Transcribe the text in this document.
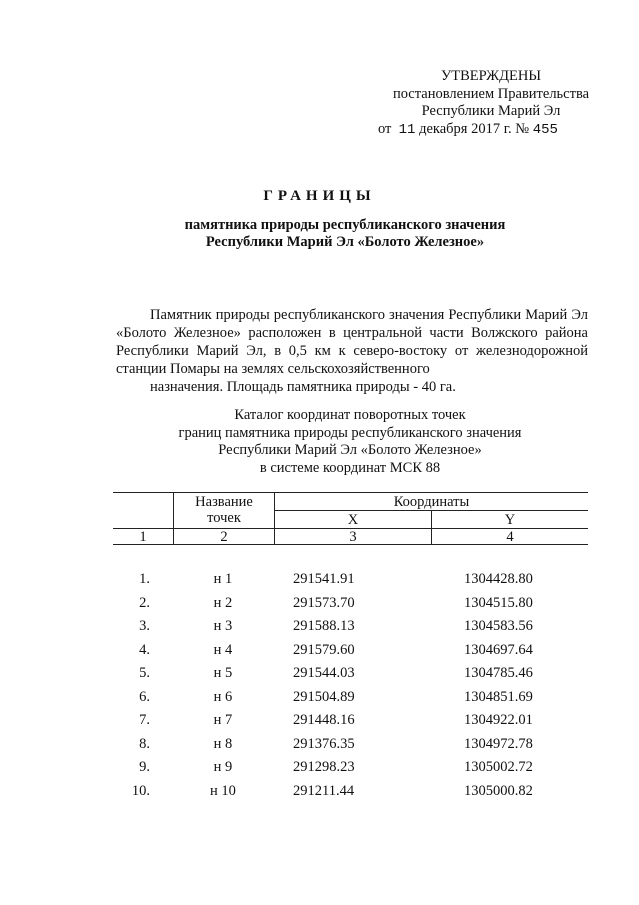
УТВЕРЖДЕНЫ
постановлением Правительства
Республики Марий Эл
от 11 декабря 2017 г. № 455
ГРАНИЦЫ
памятника природы республиканского значения
Республики Марий Эл «Болото Железное»

Памятник природы республиканского значения Республики Марий Эл «Болото Железное» расположен в центральной части Волжского района Республики Марий Эл, в 0,5 км к северо-востоку от железнодорожной станции Помары на землях сельскохозяйственного
назначения. Площадь памятника природы - 40 га.

Каталог координат поворотных точек
границ памятника природы республиканского значения
Республики Марий Эл «Болото Железное»
в системе координат МСК 88
Название
точек
Координаты
X	Y
1	2	3	4
1.	н 1	291541.91	1304428.80
2.	н 2	291573.70	1304515.80
3.	н 3	291588.13	1304583.56
4.	н 4	291579.60	1304697.64
5.	н 5	291544.03	1304785.46
6.	н 6	291504.89	1304851.69
7.	н 7	291448.16	1304922.01
8.	н 8	291376.35	1304972.78
9.	н 9	291298.23	1305002.72
10.	н 10	291211.44	1305000.82
